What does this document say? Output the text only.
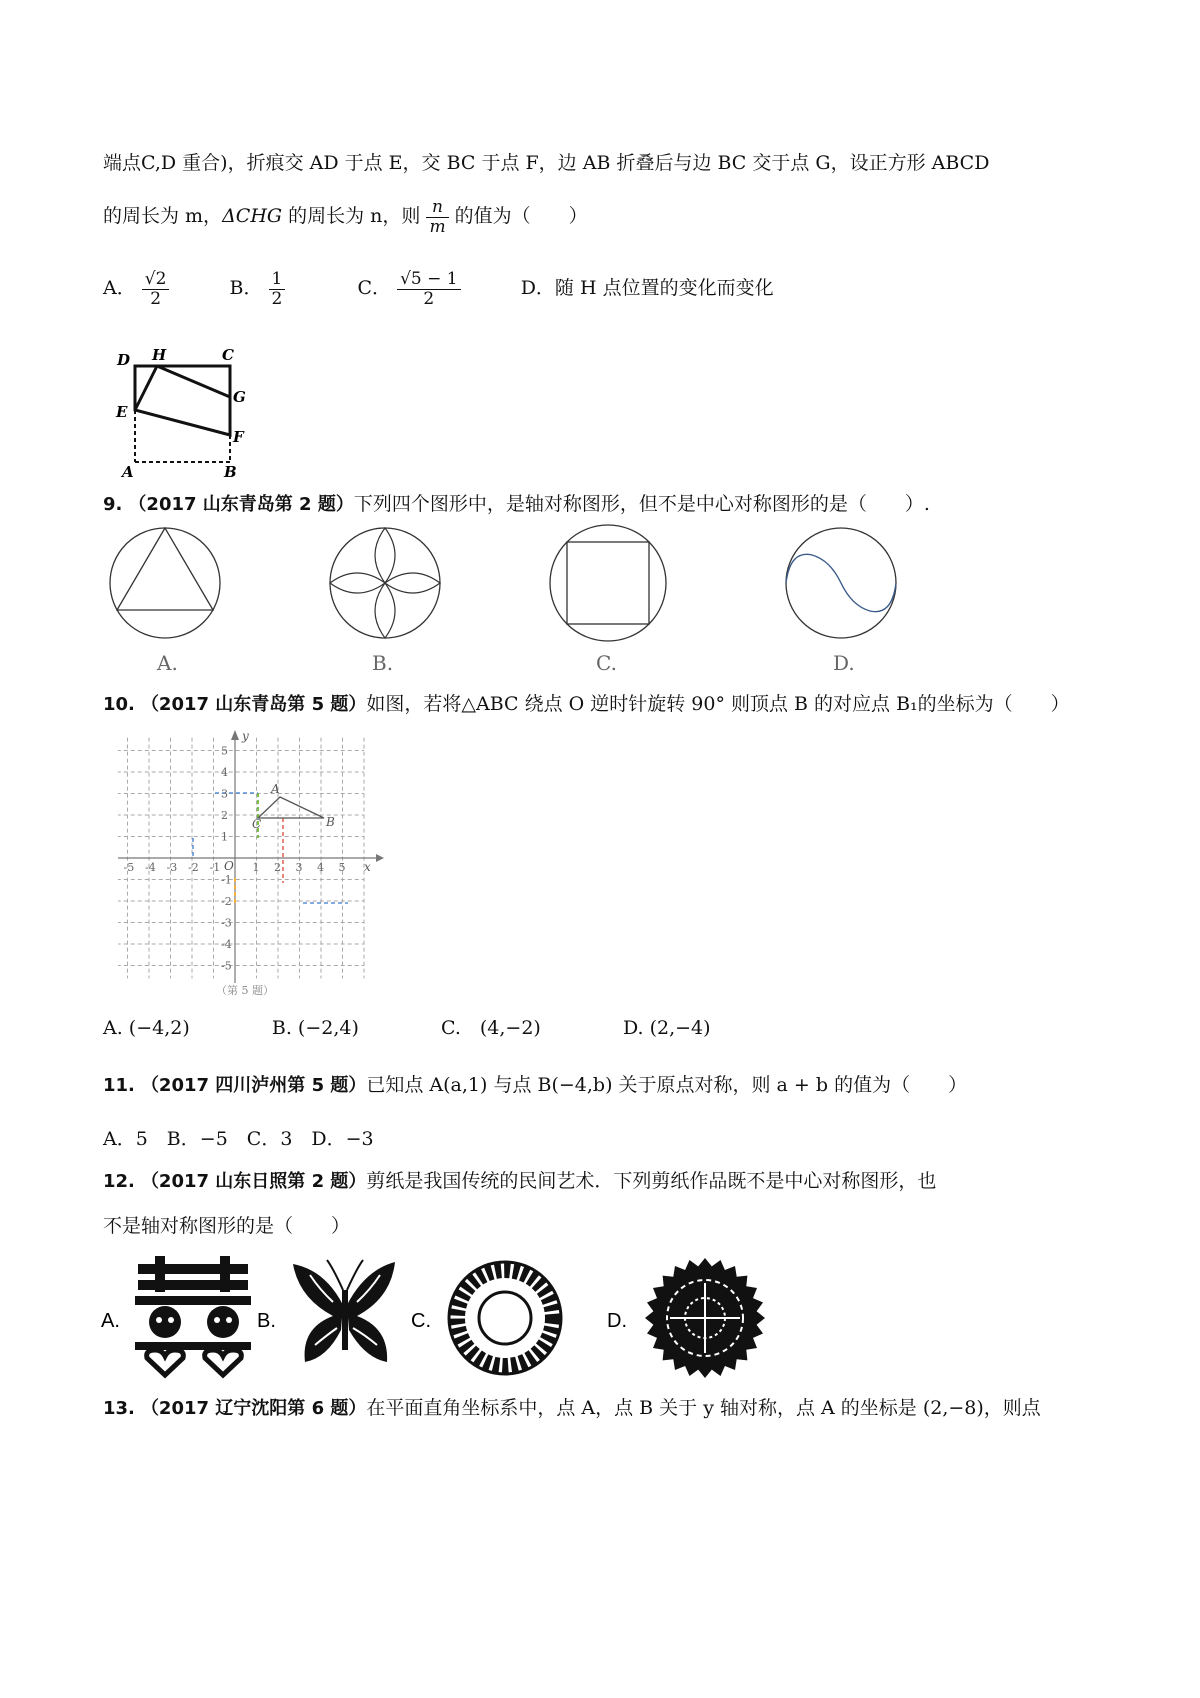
端点C,D 重合)，折痕交 AD 于点 E，交 BC 于点 F，边 AB 折叠后与边 BC 交于点 G，设正方形 ABCD
的周长为 m，ΔCHG 的周长为 n，则 $\frac{n}{m}$ 的值为（　　）
A． $\frac{√2}{2}$	B． $\frac{1}{2}$	C． $\frac{√5 - 1}{2}$	D．随 H 点位置的变化而变化
D H	C
E
G
F
A	B
9. （2017 山东青岛第 2 题）下列四个图形中，是轴对称图形，但不是中心对称图形的是（　　）.
A.	B.	C.	D.
10. （2017 山东青岛第 5 题）如图，若将△ABC 绕点 O 逆时针旋转 90° 则顶点 B 的对应点 B₁的坐标为（　　）
A
B
C
O	x
y
-5 -4 -3 -2 -1	1 2 3 4 5
5
4
3
2
1
-1
-2
-3
-4
-5
（第 5 题）
A. (−4,2)	B. (−2,4)	C.　(4,−2)	D. (2,−4)
11. （2017 四川泸州第 5 题）已知点 A(a,1) 与点 B(−4,b) 关于原点对称，则 a + b 的值为（　　）
A．5　B．−5　C．3　D．−3
12. （2017 山东日照第 2 题）剪纸是我国传统的民间艺术．下列剪纸作品既不是中心对称图形，也
不是轴对称图形的是（　　）
A.	B.	C.	D.
13. （2017 辽宁沈阳第 6 题）在平面直角坐标系中，点 A，点 B 关于 y 轴对称，点 A 的坐标是 (2,−8)，则点
